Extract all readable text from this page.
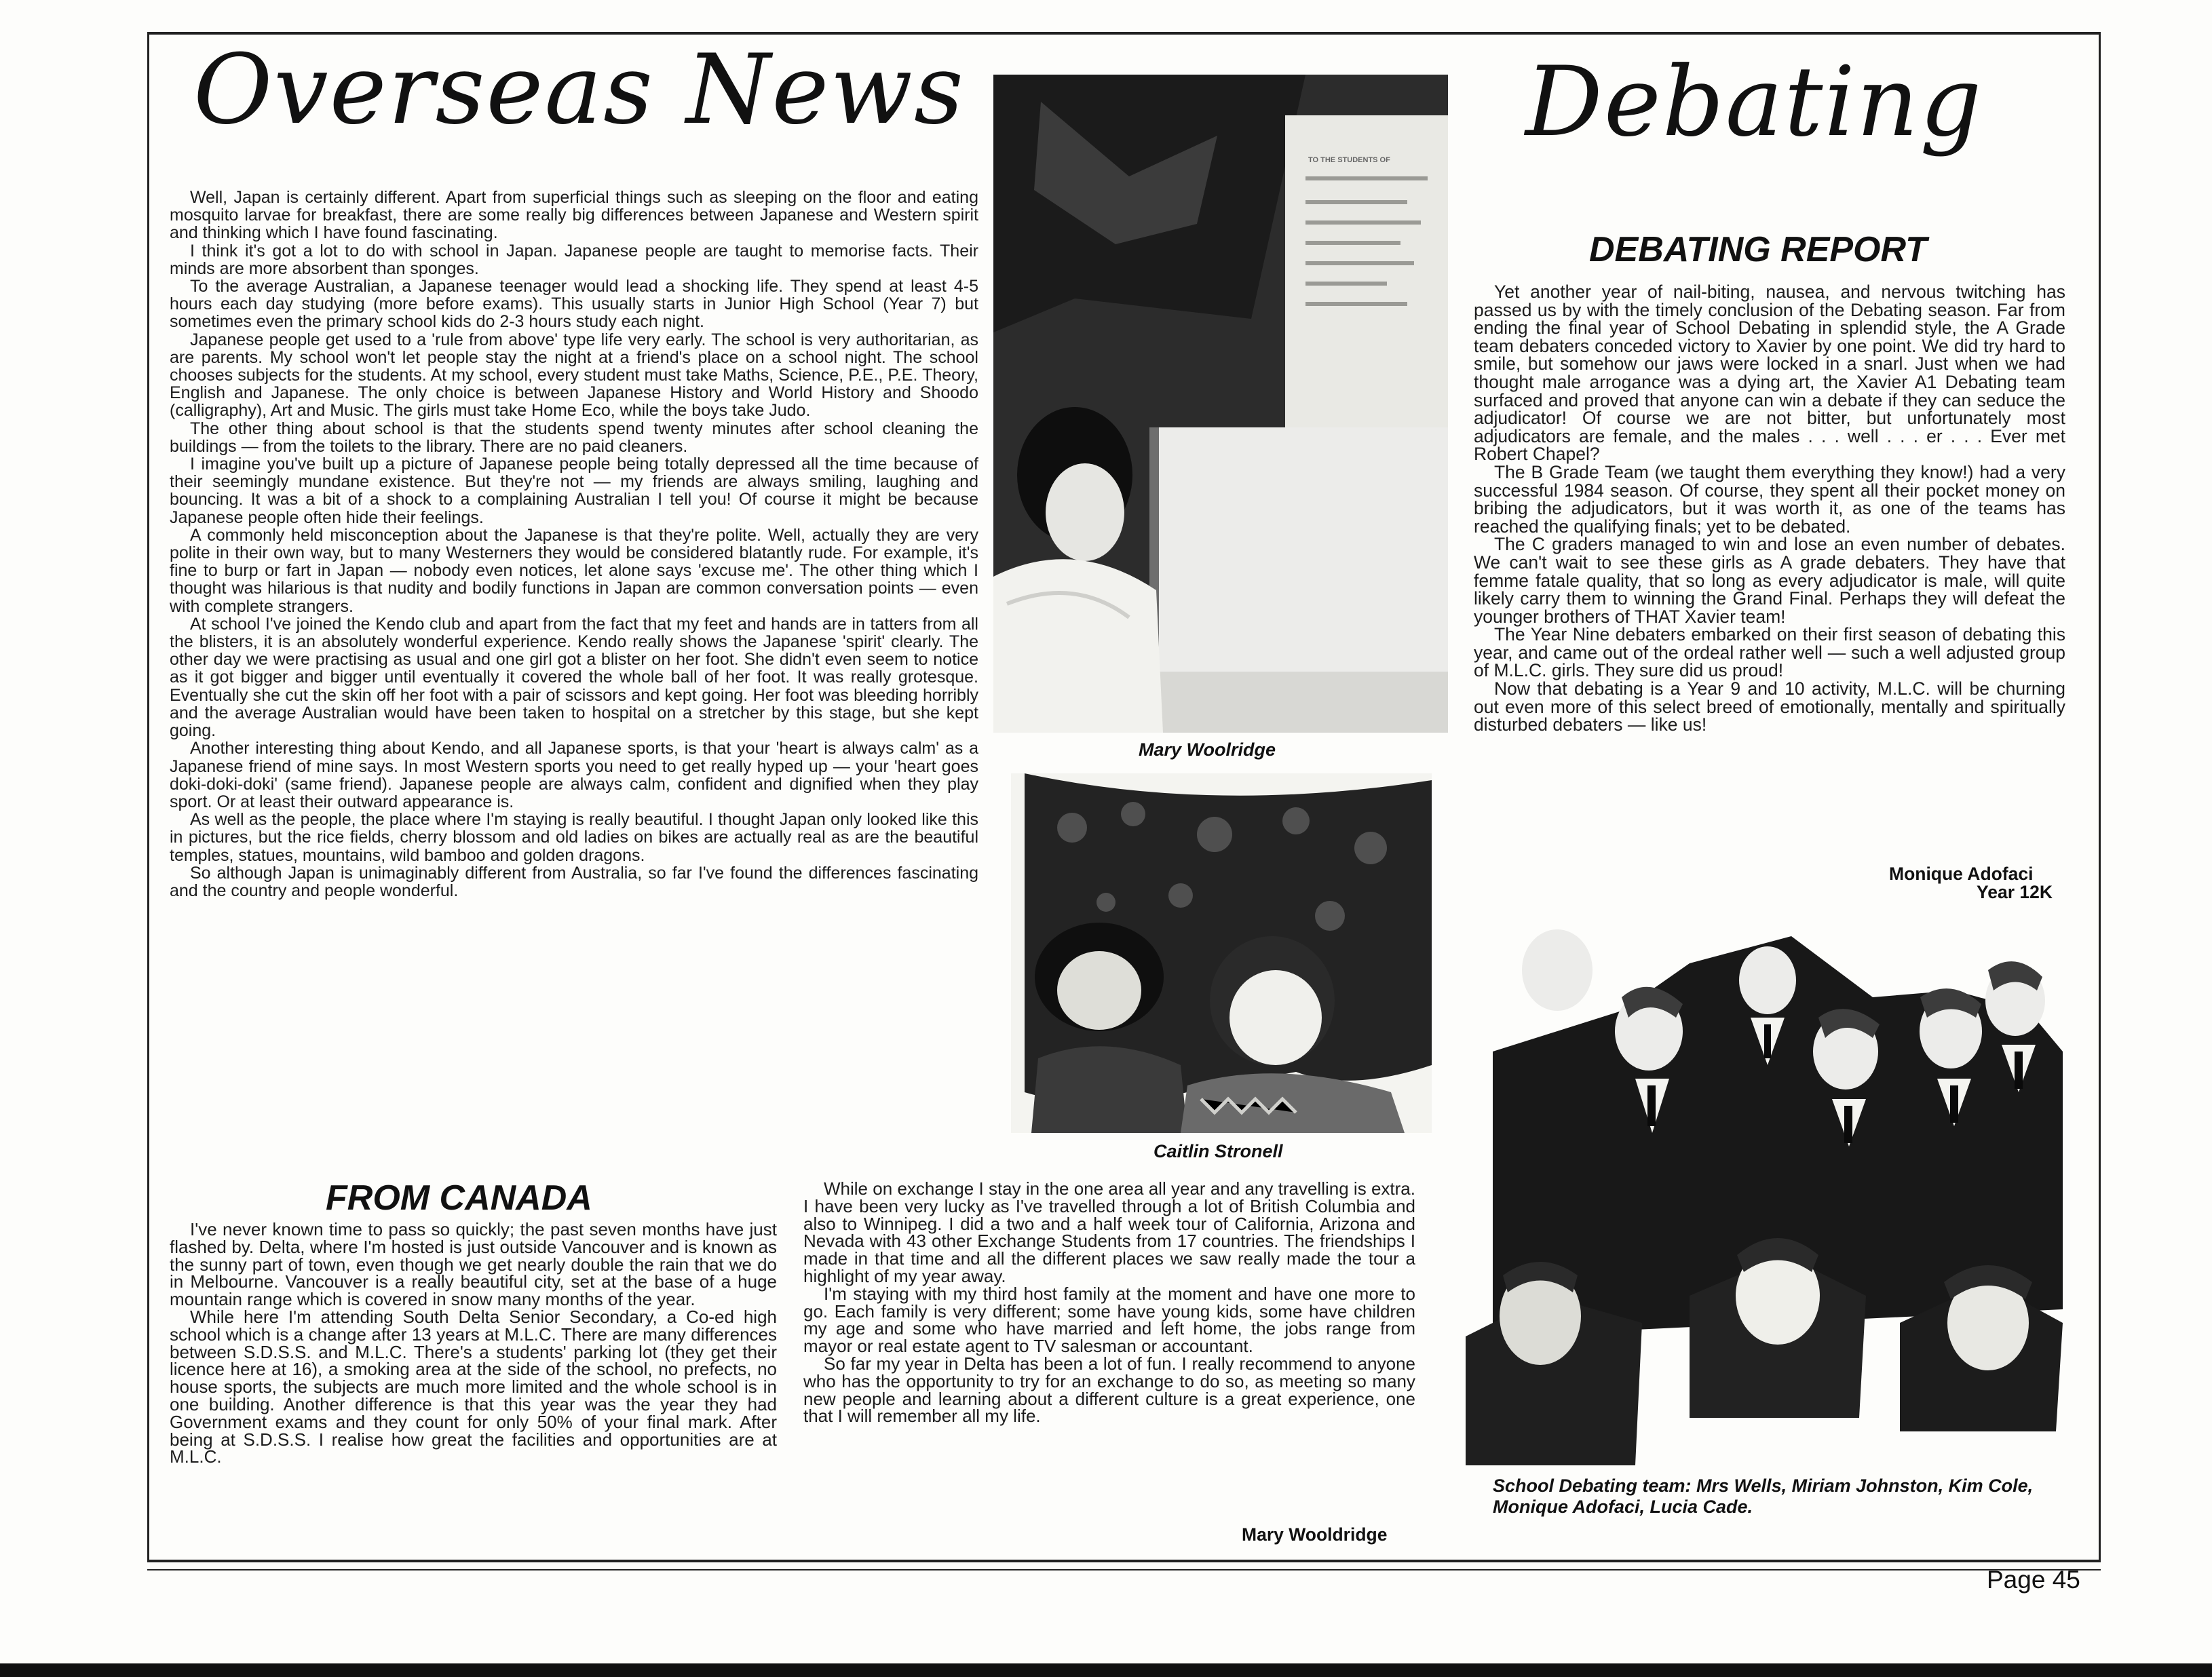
Overseas News

Well, Japan is certainly different. Apart from superficial things such as sleeping on the floor and eating mosquito larvae for breakfast, there are some really big differences between Japanese and Western spirit and thinking which I have found fascinating.

I think it's got a lot to do with school in Japan. Japanese people are taught to memorise facts. Their minds are more absorbent than sponges.

To the average Australian, a Japanese teenager would lead a shocking life. They spend at least 4-5 hours each day studying (more before exams). This usually starts in Junior High School (Year 7) but sometimes even the primary school kids do 2-3 hours study each night.

Japanese people get used to a 'rule from above' type life very early. The school is very authoritarian, as are parents. My school won't let people stay the night at a friend's place on a school night. The school chooses subjects for the students. At my school, every student must take Maths, Science, P.E., P.E. Theory, English and Japanese. The only choice is between Japanese History and World History and Shoodo (calligraphy), Art and Music. The girls must take Home Eco, while the boys take Judo.

The other thing about school is that the students spend twenty minutes after school cleaning the buildings — from the toilets to the library. There are no paid cleaners.

I imagine you've built up a picture of Japanese people being totally depressed all the time because of their seemingly mundane existence. But they're not — my friends are always smiling, laughing and bouncing. It was a bit of a shock to a complaining Australian I tell you! Of course it might be because Japanese people often hide their feelings.

A commonly held misconception about the Japanese is that they're polite. Well, actually they are very polite in their own way, but to many Westerners they would be considered blatantly rude. For example, it's fine to burp or fart in Japan — nobody even notices, let alone says 'excuse me'. The other thing which I thought was hilarious is that nudity and bodily functions in Japan are common conversation points — even with complete strangers.

At school I've joined the Kendo club and apart from the fact that my feet and hands are in tatters from all the blisters, it is an absolutely wonderful experience. Kendo really shows the Japanese 'spirit' clearly. The other day we were practising as usual and one girl got a blister on her foot. She didn't even seem to notice as it got bigger and bigger until eventually it covered the whole ball of her foot. It was really grotesque. Eventually she cut the skin off her foot with a pair of scissors and kept going. Her foot was bleeding horribly and the average Australian would have been taken to hospital on a stretcher by this stage, but she kept going.

Another interesting thing about Kendo, and all Japanese sports, is that your 'heart is always calm' as a Japanese friend of mine says. In most Western sports you need to get really hyped up — your 'heart goes doki-doki-doki' (same friend). Japanese people are always calm, confident and dignified when they play sport. Or at least their outward appearance is.

As well as the people, the place where I'm staying is really beautiful. I thought Japan only looked like this in pictures, but the rice fields, cherry blossom and old ladies on bikes are actually real as are the beautiful temples, statues, mountains, wild bamboo and golden dragons.

So although Japan is unimaginably different from Australia, so far I've found the differences fascinating and the country and people wonderful.

TO THE STUDENTS OF
Mary Woolridge
Caitlin Stronell
FROM CANADA

I've never known time to pass so quickly; the past seven months have just flashed by. Delta, where I'm hosted is just outside Vancouver and is known as the sunny part of town, even though we get nearly double the rain that we do in Melbourne. Vancouver is a really beautiful city, set at the base of a huge mountain range which is covered in snow many months of the year.

While here I'm attending South Delta Senior Secondary, a Co-ed high school which is a change after 13 years at M.L.C. There are many differences between S.D.S.S. and M.L.C. There's a students' parking lot (they get their licence here at 16), a smoking area at the side of the school, no prefects, no house sports, the subjects are much more limited and the whole school is in one building. Another difference is that this year was the year they had Government exams and they count for only 50% of your final mark. After being at S.D.S.S. I realise how great the facilities and opportunities are at M.L.C.

While on exchange I stay in the one area all year and any travelling is extra. I have been very lucky as I've travelled through a lot of British Columbia and also to Winnipeg. I did a two and a half week tour of California, Arizona and Nevada with 43 other Exchange Students from 17 countries. The friendships I made in that time and all the different places we saw really made the tour a highlight of my year away.

I'm staying with my third host family at the moment and have one more to go. Each family is very different; some have young kids, some have children my age and some who have married and left home, the jobs range from mayor or real estate agent to TV salesman or accountant.

So far my year in Delta has been a lot of fun. I really recommend to anyone who has the opportunity to try for an exchange to do so, as meeting so many new people and learning about a different culture is a great experience, one that I will remember all my life.

Mary Wooldridge
Debating
DEBATING REPORT

Yet another year of nail-biting, nausea, and nervous twitching has passed us by with the timely conclusion of the Debating season. Far from ending the final year of School Debating in splendid style, the A Grade team debaters conceded victory to Xavier by one point. We did try hard to smile, but somehow our jaws were locked in a snarl. Just when we had thought male arrogance was a dying art, the Xavier A1 Debating team surfaced and proved that anyone can win a debate if they can seduce the adjudicator! Of course we are not bitter, but unfortunately most adjudicators are female, and the males . . . well . . . er . . . Ever met Robert Chapel?

The B Grade Team (we taught them everything they know!) had a very successful 1984 season. Of course, they spent all their pocket money on bribing the adjudicators, but it was worth it, as one of the teams has reached the qualifying finals; yet to be debated.

The C graders managed to win and lose an even number of debates. We can't wait to see these girls as A grade debaters. They have that femme fatale quality, that so long as every adjudicator is male, will quite likely carry them to winning the Grand Final. Perhaps they will defeat the younger brothers of THAT Xavier team!

The Year Nine debaters embarked on their first season of debating this year, and came out of the ordeal rather well — such a well adjusted group of M.L.C. girls. They sure did us proud!

Now that debating is a Year 9 and 10 activity, M.L.C. will be churning out even more of this select breed of emotionally, mentally and spiritually disturbed debaters — like us!

Monique Adofaci
Year 12K
School Debating team: Mrs Wells, Miriam Johnston, Kim Cole, Monique Adofaci, Lucia Cade.
Page 45
